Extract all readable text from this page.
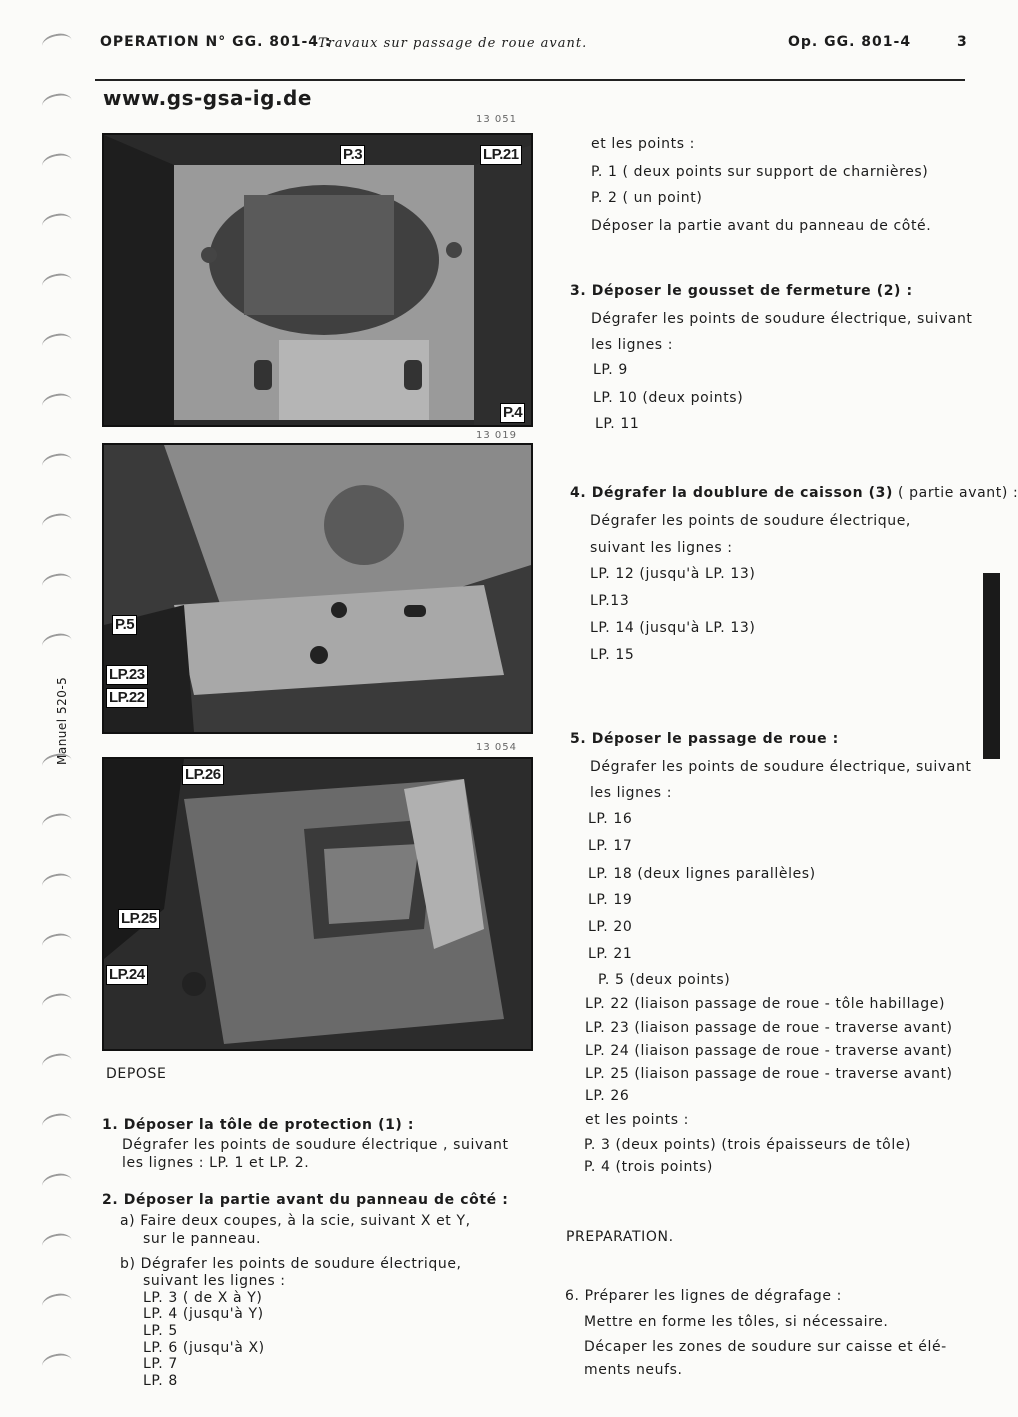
OPERATION N° GG. 801-4 :
Travaux sur passage de roue avant.	Op. GG. 801-4	3
www.gs-gsa-ig.de
Manuel 520-5
13 051
P.3	LP.21
P.4
13 019
P.5
LP.23
LP.22
13 054
LP.26
LP.25
LP.24
DEPOSE
1. Déposer la tôle de protection (1) :
Dégrafer les points de soudure électrique , suivant
les lignes : LP. 1 et LP. 2.
2. Déposer la partie avant du panneau de côté :
a) Faire deux coupes, à la scie, suivant X et Y,
sur le panneau.
b) Dégrafer les points de soudure électrique,
suivant les lignes :
LP. 3 ( de X à Y)
LP. 4 (jusqu'à Y)
LP. 5
LP. 6 (jusqu'à X)
LP. 7
LP. 8
et les points :
P. 1 ( deux points sur support de charnières)
P. 2 ( un point)
Déposer la partie avant du panneau de côté.
3. Déposer le gousset de fermeture (2) :
Dégrafer les points de soudure électrique, suivant
les lignes :
LP. 9
LP. 10 (deux points)
LP. 11
4. Dégrafer la doublure de caisson (3) ( partie avant) :
Dégrafer les points de soudure électrique,
suivant les lignes :
LP. 12 (jusqu'à LP. 13)
LP.13
LP. 14 (jusqu'à LP. 13)
LP. 15
5. Déposer le passage de roue :
Dégrafer les points de soudure électrique, suivant
les lignes :
LP. 16
LP. 17
LP. 18 (deux lignes parallèles)
LP. 19
LP. 20
LP. 21
P. 5 (deux points)
LP. 22 (liaison passage de roue - tôle habillage)
LP. 23 (liaison passage de roue - traverse avant)
LP. 24 (liaison passage de roue - traverse avant)
LP. 25 (liaison passage de roue - traverse avant)
LP. 26
et les points :
P. 3 (deux points) (trois épaisseurs de tôle)
P. 4 (trois points)
PREPARATION.
6. Préparer les lignes de dégrafage :
Mettre en forme les tôles, si nécessaire.
Décaper les zones de soudure sur caisse et élé-
ments neufs.
